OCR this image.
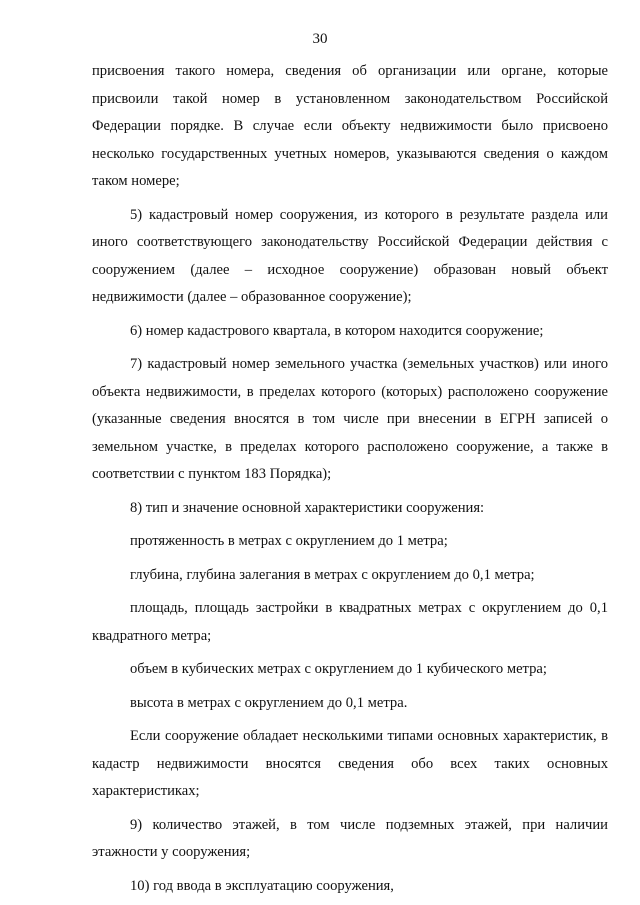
30

присвоения такого номера, сведения об организации или органе, которые присвоили такой номер в установленном законодательством Российской Федерации порядке. В случае если объекту недвижимости было присвоено несколько государственных учетных номеров, указываются сведения о каждом таком номере;

5) кадастровый номер сооружения, из которого в результате раздела или иного соответствующего законодательству Российской Федерации действия с сооружением (далее – исходное сооружение) образован новый объект недвижимости (далее – образованное сооружение);

6) номер кадастрового квартала, в котором находится сооружение;

7) кадастровый номер земельного участка (земельных участков) или иного объекта недвижимости, в пределах которого (которых) расположено сооружение (указанные сведения вносятся в том числе при внесении в ЕГРН записей о земельном участке, в пределах которого расположено сооружение, а также в соответствии с пунктом 183 Порядка);

8) тип и значение основной характеристики сооружения:

протяженность в метрах с округлением до 1 метра;

глубина, глубина залегания в метрах с округлением до 0,1 метра;

площадь, площадь застройки в квадратных метрах с округлением до 0,1 квадратного метра;

объем в кубических метрах с округлением до 1 кубического метра;

высота в метрах с округлением до 0,1 метра.

Если сооружение обладает несколькими типами основных характеристик, в кадастр недвижимости вносятся сведения обо всех таких основных характеристиках;

9) количество этажей, в том числе подземных этажей, при наличии этажности у сооружения;

10) год ввода в эксплуатацию сооружения,
